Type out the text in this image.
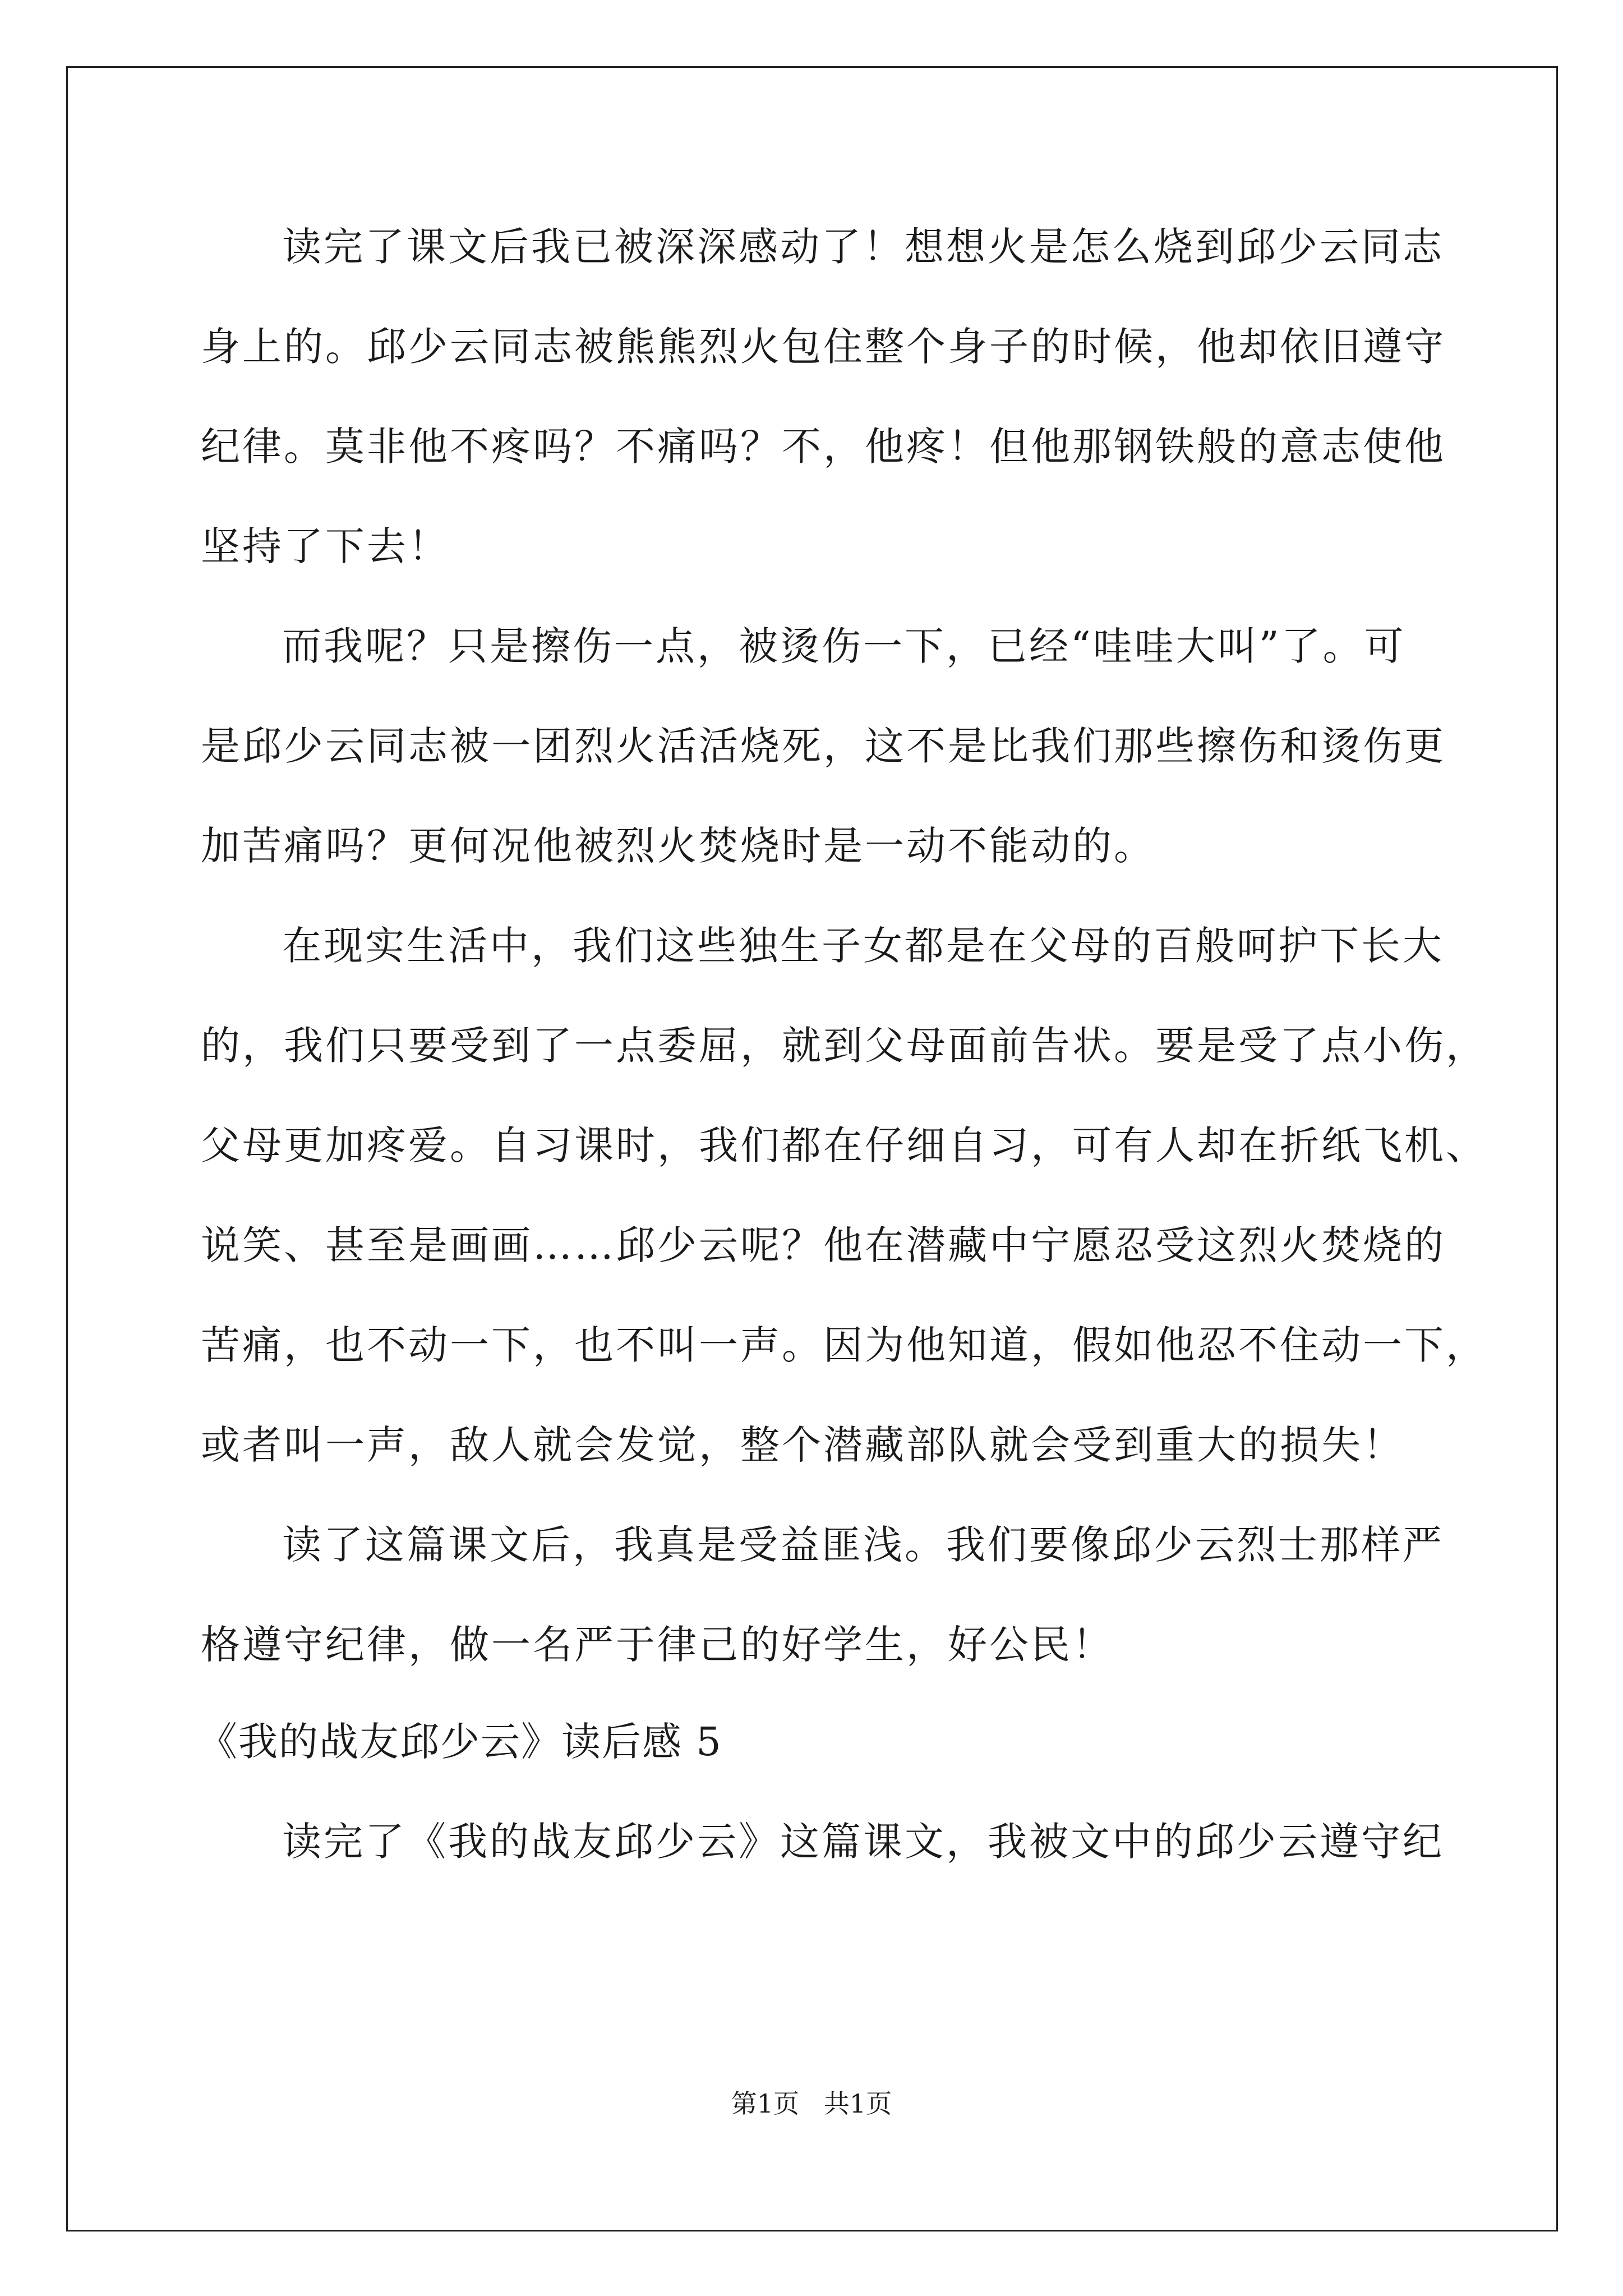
读完了课文后我已被深深感动了！想想火是怎么烧到邱少云同志
身上的。邱少云同志被熊熊烈火包住整个身子的时候，他却依旧遵守
纪律。莫非他不疼吗？不痛吗？不，他疼！但他那钢铁般的意志使他
坚持了下去！
而我呢？只是擦伤一点，被烫伤一下，已经“哇哇大叫”了。可
是邱少云同志被一团烈火活活烧死，这不是比我们那些擦伤和烫伤更
加苦痛吗？更何况他被烈火焚烧时是一动不能动的。
在现实生活中，我们这些独生子女都是在父母的百般呵护下长大
的，我们只要受到了一点委屈，就到父母面前告状。要是受了点小伤，
父母更加疼爱。自习课时，我们都在仔细自习，可有人却在折纸飞机、
说笑、甚至是画画……邱少云呢？他在潜藏中宁愿忍受这烈火焚烧的
苦痛，也不动一下，也不叫一声。因为他知道，假如他忍不住动一下，
或者叫一声，敌人就会发觉，整个潜藏部队就会受到重大的损失！
读了这篇课文后，我真是受益匪浅。我们要像邱少云烈士那样严
格遵守纪律，做一名严于律己的好学生，好公民！
《我的战友邱少云》读后感 5
读完了《我的战友邱少云》这篇课文，我被文中的邱少云遵守纪
第1页   共1页
